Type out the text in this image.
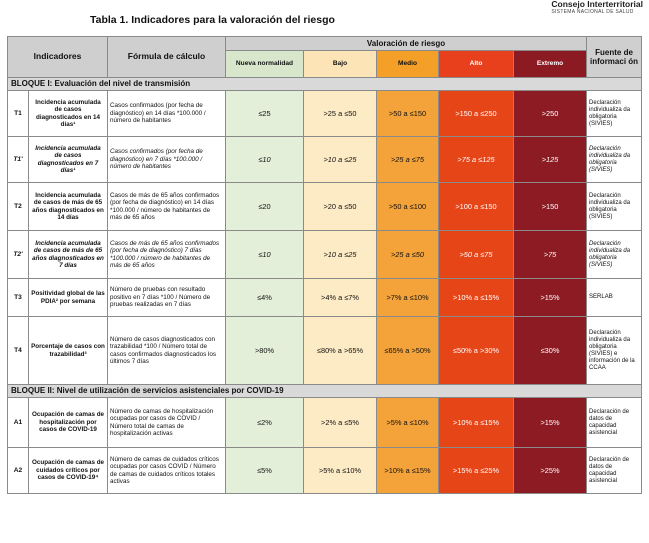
Consejo Interterritorial
SISTEMA NACIONAL DE SALUD
Tabla 1. Indicadores para la valoración del riesgo
Indicadores		Fórmula de cálculo	Valoración de riesgo					Fuente de informaci ón
			Nueva normalidad	Bajo	Medio	Alto	Extremo	
BLOQUE I: Evaluación del nivel de transmisión								
T1	Incidencia acumulada de casos diagnosticados en 14 días¹	Casos confirmados (por fecha de diagnóstico) en 14 días *100.000 / número de habitantes	≤25	>25 a ≤50	>50 a ≤150	>150 a ≤250	>250	Declaración individualiza da obligatoria (SIVIES)
T1'	Incidencia acumulada de casos diagnosticados en 7 días¹	Casos confirmados (por fecha de diagnóstico) en 7 días *100.000 / número de habitantes	≤10	>10 a ≤25	>25 a ≤75	>75 a ≤125	>125	Declaración individualiza da obligatoria (SIVIES)
T2	Incidencia acumulada de casos de más de 65 años diagnosticados en 14 días	Casos de más de 65 años confirmados (por fecha de diagnóstico) en 14 días *100.000 / número de habitantes de más de 65 años	≤20	>20 a ≤50	>50 a ≤100	>100 a ≤150	>150	Declaración individualiza da obligatoria (SIVIES)
T2'	Incidencia acumulada de casos de más de 65 años diagnosticados en 7 días	Casos de más de 65 años confirmados (por fecha de diagnóstico) 7 días *100.000 / número de habitantes de más de 65 años	≤10	>10 a ≤25	>25 a ≤50	>50 a ≤75	>75	Declaración individualiza da obligatoria (SIVIES)
T3	Positividad global de las PDIA² por semana	Número de pruebas con resultado positivo en 7 días *100 / Número de pruebas realizadas en 7 días	≤4%	>4% a ≤7%	>7% a ≤10%	>10% a ≤15%	>15%	SERLAB
T4	Porcentaje de casos con trazabilidad³	Número de casos diagnosticados con trazabilidad *100 / Número total de casos confirmados diagnosticados los últimos 7 días	>80%	≤80% a >65%	≤65% a >50%	≤50% a >30%	≤30%	Declaración individualiza da obligatoria (SIVIES) e información de la CCAA
BLOQUE II: Nivel de utilización de servicios asistenciales por COVID-19								
A1	Ocupación de camas de hospitalización por casos de COVID-19	Número de camas de hospitalización ocupadas por casos de COVID / Número total de camas de hospitalización activas	≤2%	>2% a ≤5%	>5% a ≤10%	>10% a ≤15%	>15%	Declaración de datos de capacidad asistencial
A2	Ocupación de camas de cuidados críticos por casos de COVID-19⁴	Número de camas de cuidados críticos ocupadas por casos COVID / Número de camas de cuidados críticos totales activas	≤5%	>5% a ≤10%	>10% a ≤15%	>15% a ≤25%	>25%	Declaración de datos de capacidad asistencial
